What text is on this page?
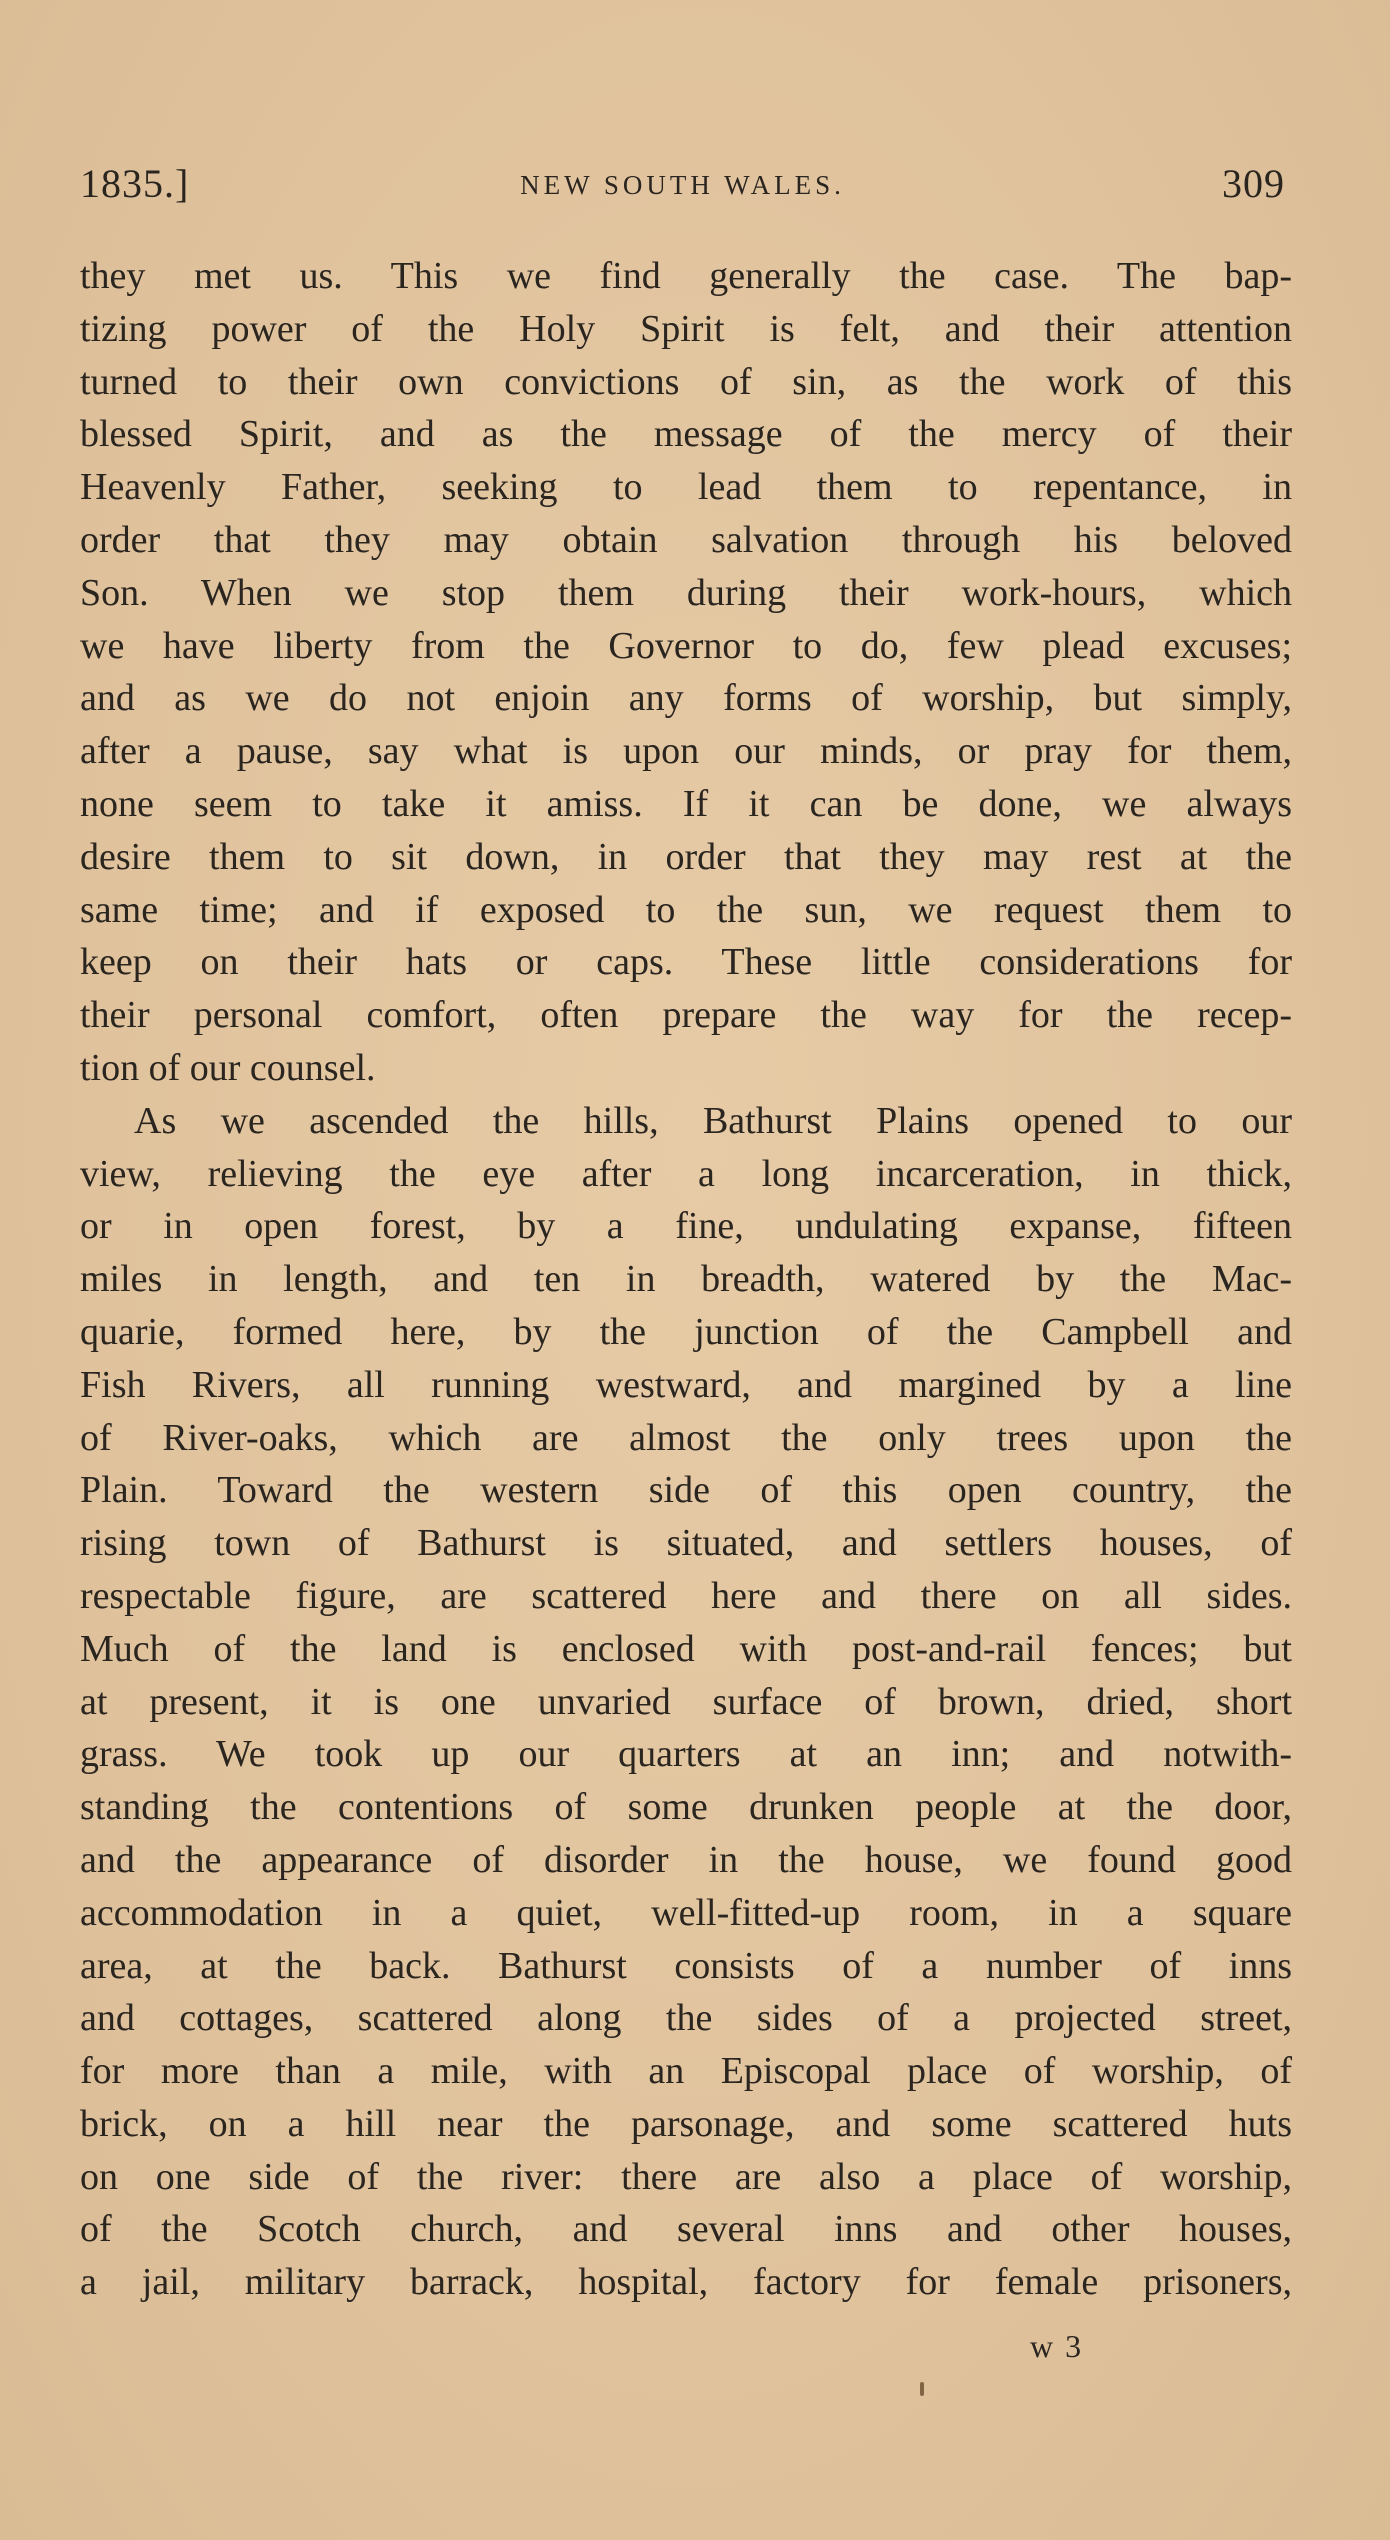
1835.]	NEW SOUTH WALES.	309
they met us. This we find generally the case. The bap-
tizing power of the Holy Spirit is felt, and their attention
turned to their own convictions of sin, as the work of this
blessed Spirit, and as the message of the mercy of their
Heavenly Father, seeking to lead them to repentance, in
order that they may obtain salvation through his beloved
Son. When we stop them during their work-hours, which
we have liberty from the Governor to do, few plead excuses;
and as we do not enjoin any forms of worship, but simply,
after a pause, say what is upon our minds, or pray for them,
none seem to take it amiss. If it can be done, we always
desire them to sit down, in order that they may rest at the
same time; and if exposed to the sun, we request them to
keep on their hats or caps. These little considerations for
their personal comfort, often prepare the way for the recep-
tion of our counsel.
As we ascended the hills, Bathurst Plains opened to our
view, relieving the eye after a long incarceration, in thick,
or in open forest, by a fine, undulating expanse, fifteen
miles in length, and ten in breadth, watered by the Mac-
quarie, formed here, by the junction of the Campbell and
Fish Rivers, all running westward, and margined by a line
of River-oaks, which are almost the only trees upon the
Plain. Toward the western side of this open country, the
rising town of Bathurst is situated, and settlers houses, of
respectable figure, are scattered here and there on all sides.
Much of the land is enclosed with post-and-rail fences; but
at present, it is one unvaried surface of brown, dried, short
grass. We took up our quarters at an inn; and notwith-
standing the contentions of some drunken people at the door,
and the appearance of disorder in the house, we found good
accommodation in a quiet, well-fitted-up room, in a square
area, at the back. Bathurst consists of a number of inns
and cottages, scattered along the sides of a projected street,
for more than a mile, with an Episcopal place of worship, of
brick, on a hill near the parsonage, and some scattered huts
on one side of the river: there are also a place of worship,
of the Scotch church, and several inns and other houses,
a jail, military barrack, hospital, factory for female prisoners,
w 3
